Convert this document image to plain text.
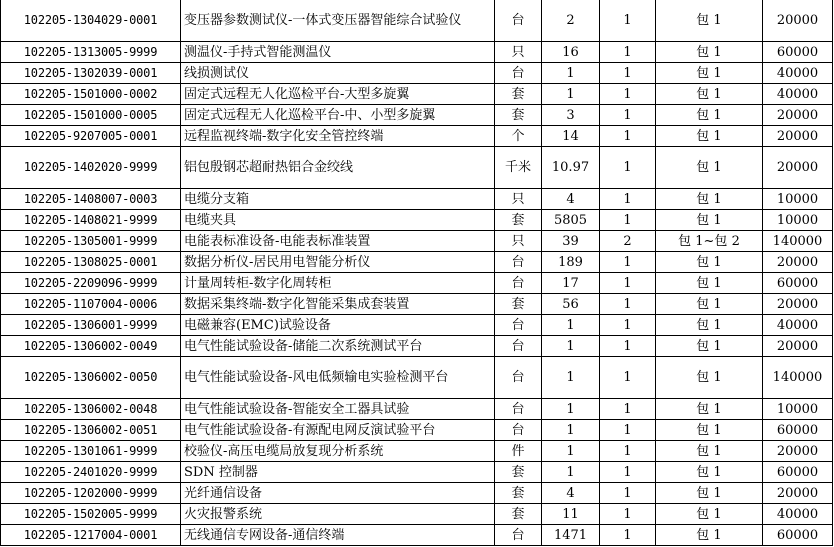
102205-1304029-0001	变压器参数测试仪-一体式变压器智能综合试验仪	台	2	1	包 1	20000
102205-1313005-9999	测温仪-手持式智能测温仪	只	16	1	包 1	60000
102205-1302039-0001	线损测试仪	台	1	1	包 1	40000
102205-1501000-0002	固定式远程无人化巡检平台-大型多旋翼	套	1	1	包 1	40000
102205-1501000-0005	固定式远程无人化巡检平台-中、小型多旋翼	套	3	1	包 1	20000
102205-9207005-0001	远程监视终端-数字化安全管控终端	个	14	1	包 1	20000
102205-1402020-9999	铝包殷钢芯超耐热铝合金绞线	千米	10.97	1	包 1	20000
102205-1408007-0003	电缆分支箱	只	4	1	包 1	10000
102205-1408021-9999	电缆夹具	套	5805	1	包 1	10000
102205-1305001-9999	电能表标准设备-电能表标准装置	只	39	2	包 1~包 2	140000
102205-1308025-0001	数据分析仪-居民用电智能分析仪	台	189	1	包 1	20000
102205-2209096-9999	计量周转柜-数字化周转柜	台	17	1	包 1	60000
102205-1107004-0006	数据采集终端-数字化智能采集成套装置	套	56	1	包 1	20000
102205-1306001-9999	电磁兼容(EMC)试验设备	台	1	1	包 1	40000
102205-1306002-0049	电气性能试验设备-储能二次系统测试平台	台	1	1	包 1	20000
102205-1306002-0050	电气性能试验设备-风电低频输电实验检测平台	台	1	1	包 1	140000
102205-1306002-0048	电气性能试验设备-智能安全工器具试验	台	1	1	包 1	10000
102205-1306002-0051	电气性能试验设备-有源配电网反演试验平台	台	1	1	包 1	60000
102205-1301061-9999	校验仪-高压电缆局放复现分析系统	件	1	1	包 1	20000
102205-2401020-9999	SDN 控制器	套	1	1	包 1	60000
102205-1202000-9999	光纤通信设备	套	4	1	包 1	20000
102205-1502005-9999	火灾报警系统	套	11	1	包 1	40000
102205-1217004-0001	无线通信专网设备-通信终端	台	1471	1	包 1	60000
